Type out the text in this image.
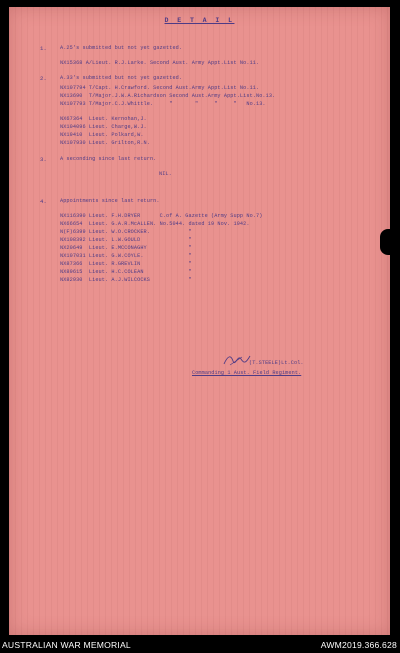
D E T A I L
1.	A.25's submitted but not yet gazetted.

NX15368 A/Lieut. R.J.Larke. Second Aust. Army Appt.List No.11.

2.	A.33's submitted but not yet gazetted.

NX107794 T/Capt. H.Crawford. Second Aust.Army Appt.List No.11.

NX13690  T/Major.J.W.A.Richardson Second Aust.Army Appt.List.No.13.

NX107793 T/Major.C.J.Whittle.     "       "     "     "   No.13.

NX67364  Lieut. Kernohan,J.

NX104096 Lieut. Charge,W.J.

NX19410  Lieut. Polkard,W.

NX107930 Lieut. Grilton,R.N.

3.	A seconding since last return.

NIL.

4.	Appointments since last return.

NX116390 Lieut. F.H.DRYER      C.of A. Gazette (Army Supp No.7)

NX66654  Lieut. G.A.R.McALLEN. No.5044. dated 19 Nov. 1942.

N(F)6399 Lieut. W.O.CROCKER.            "

NX108392 Lieut. L.W.GOULD               "

NX20649  Lieut. E.MCCONAGHY             "

NX107031 Lieut. G.W.COYLE.              "

NX87366  Lieut. R.GREVLIN               "

NX89615  Lieut. H.C.COLEAN              "

NX82930  Lieut. A.J.WILCOCKS            "

(T.STEELE)Lt.Col.

Commanding 1 Aust. Field Regiment.

AUSTRALIAN WAR MEMORIAL	AWM2019.366.628
